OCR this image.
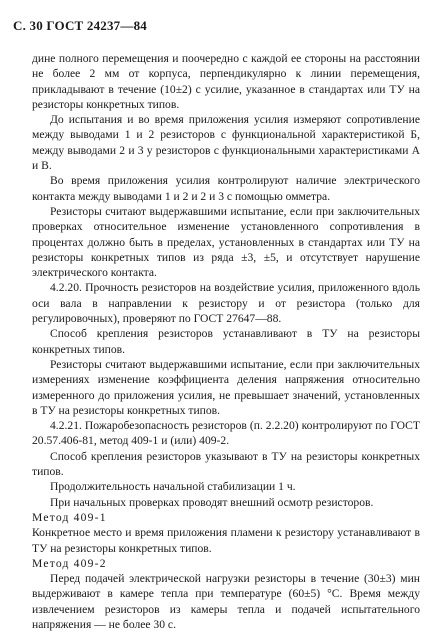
С. 30 ГОСТ 24237—84

дине полного перемещения и поочередно с каждой ее стороны на расстоянии не более 2 мм от корпуса, перпендикулярно к линии перемещения, прикладывают в течение (10±2) с усилие, указанное в стандартах или ТУ на резисторы конкретных типов.

До испытания и во время приложения усилия измеряют сопротивление между выводами 1 и 2 резисторов с функциональной характеристикой Б, между выводами 2 и 3 у резисторов с функциональными характеристиками А и В.

Во время приложения усилия контролируют наличие электрического контакта между выводами 1 и 2 и 2 и 3 с помощью омметра.

Резисторы считают выдержавшими испытание, если при заключительных проверках относительное изменение установленного сопротивления в процентах должно быть в пределах, установленных в стандартах или ТУ на резисторы конкретных типов из ряда ±3, ±5, и отсутствует нарушение электрического контакта.

4.2.20. Прочность резисторов на воздействие усилия, приложенного вдоль оси вала в направлении к резистору и от резистора (только для регулировочных), проверяют по ГОСТ 27647—88.

Способ крепления резисторов устанавливают в ТУ на резисторы конкретных типов.

Резисторы считают выдержавшими испытание, если при заключительных измерениях изменение коэффициента деления напряжения относительно измеренного до приложения усилия, не превышает значений, установленных в ТУ на резисторы конкретных типов.

4.2.21. Пожаробезопасность резисторов (п. 2.2.20) контролируют по ГОСТ 20.57.406-81, метод 409-1 и (или) 409-2.

Способ крепления резисторов указывают в ТУ на резисторы конкретных типов.

Продолжительность начальной стабилизации 1 ч.

При начальных проверках проводят внешний осмотр резисторов.

Метод 409-1

Конкретное место и время приложения пламени к резистору устанавливают в ТУ на резисторы конкретных типов.

Метод 409-2

Перед подачей электрической нагрузки резисторы в течение (30±3) мин выдерживают в камере тепла при температуре (60±5) °С. Время между извлечением резисторов из камеры тепла и подачей испытательного напряжения — не более 30 с.
